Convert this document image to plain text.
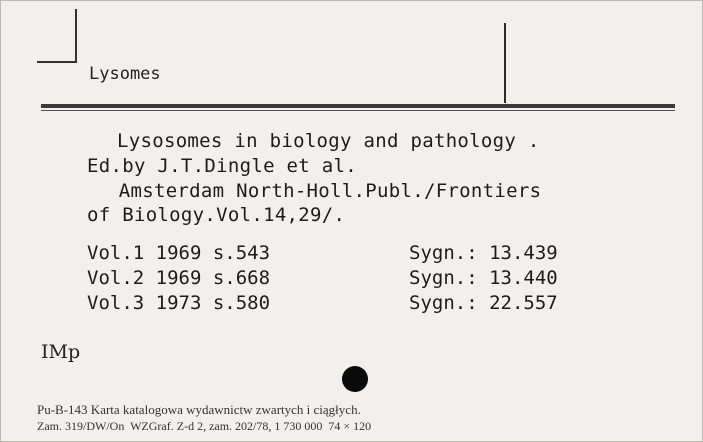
Lysomes
Lysosomes in biology and pathology .
Ed.by J.T.Dingle et al.
Amsterdam North-Holl.Publ./Frontiers
of Biology.Vol.14,29/.
Vol.1 1969 s.543	Sygn.: 13.439
Vol.2 1969 s.668	Sygn.: 13.440
Vol.3 1973 s.580	Sygn.: 22.557
IMp
Pu-B-143 Karta katalogowa wydawnictw zwartych i ciągłych.
Zam. 319/DW/On  WZGraf. Z-d 2, zam. 202/78, 1 730 000  74 × 120
